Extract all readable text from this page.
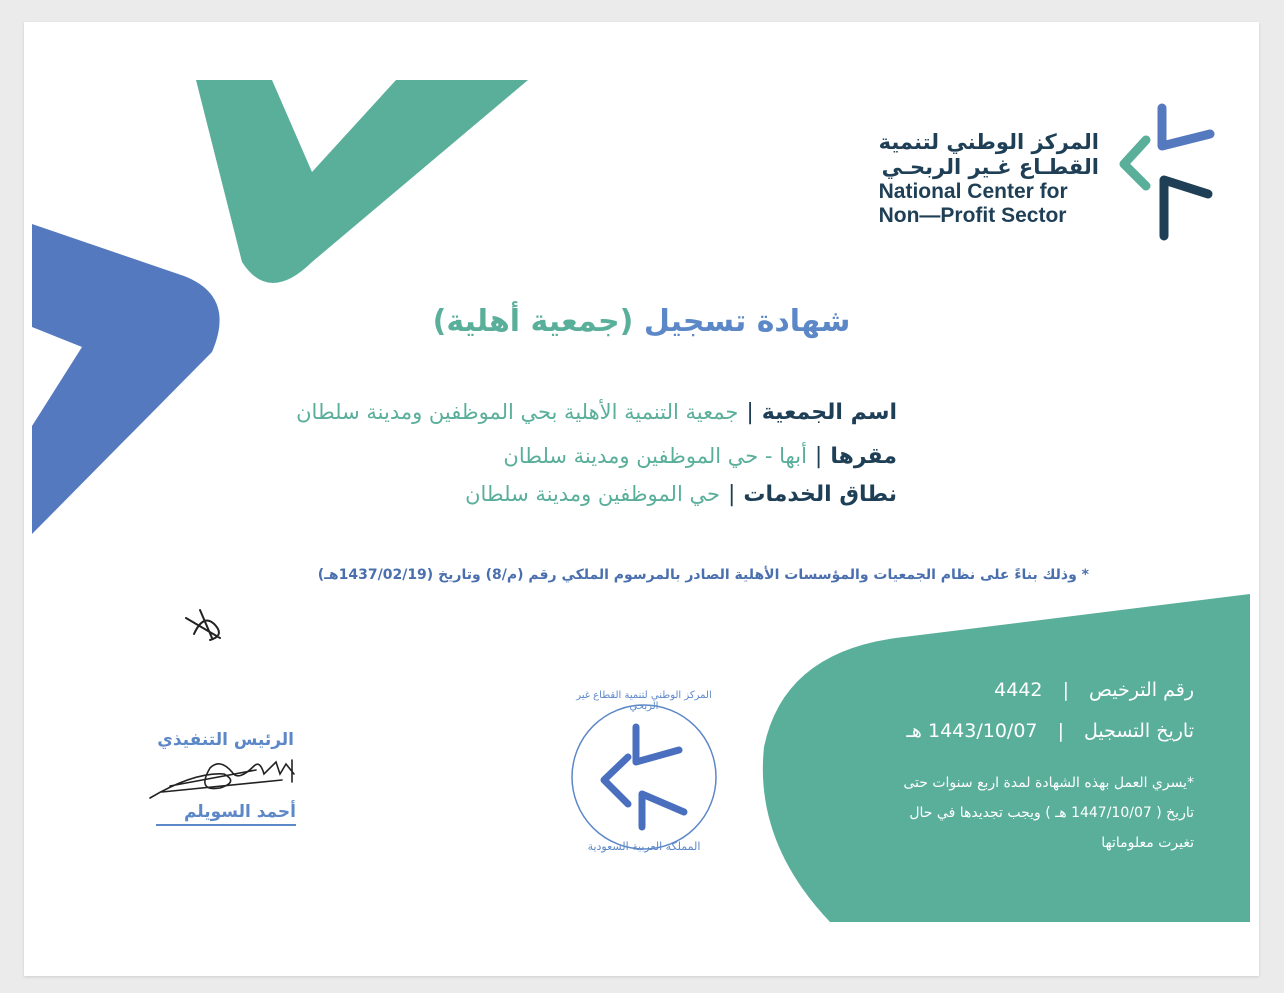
المركز الوطني لتنمية
القطـاع غـير الربحـي
National Center for
Non—Profit Sector
شهادة تسجيل (جمعية أهلية)
اسم الجمعية|جمعية التنمية الأهلية بحي الموظفين ومدينة سلطان
مقرها|أبها - حي الموظفين ومدينة سلطان
نطاق الخدمات|حي الموظفين ومدينة سلطان
* وذلك بناءً على نظام الجمعيات والمؤسسات الأهلية الصادر بالمرسوم الملكي رقم (م/8) وتاريخ (1437/02/19هـ)
رقم الترخيص | 4442
تاريخ التسجيل | 1443/10/07 هـ
*يسري العمل بهذه الشهادة لمدة اربع سنوات حتى
تاريخ ( 1447/10/07 هـ ) ويجب تجديدها في حال
تغيرت معلوماتها
المركز الوطني لتنمية القطاع غير الربحي
المملكة العربية السعودية
الرئيس التنفيذي
أحمد السويلم
